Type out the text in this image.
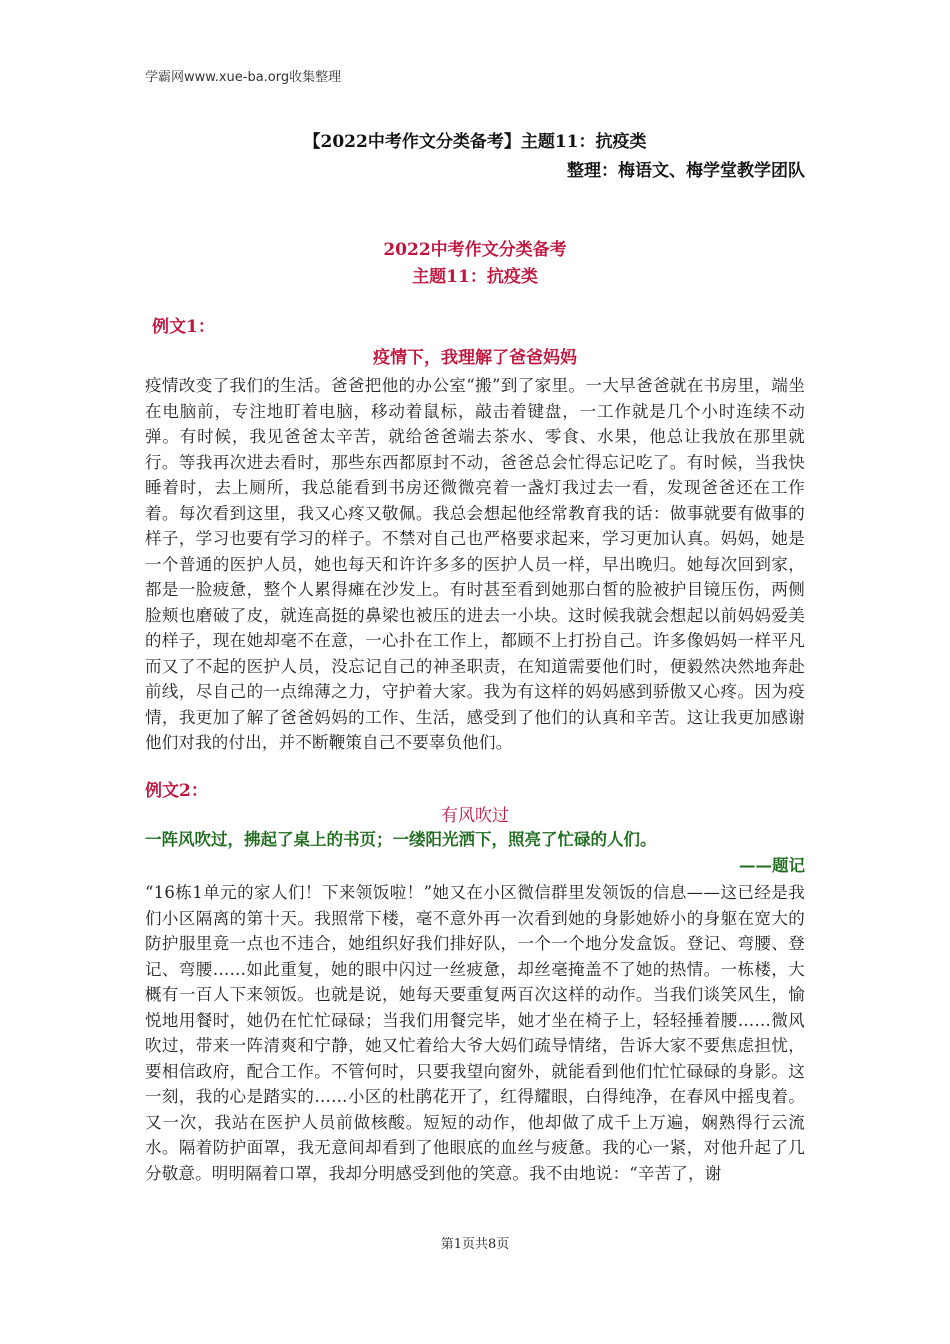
学霸网www.xue-ba.org收集整理
【2022中考作文分类备考】主题11：抗疫类
整理：梅语文、梅学堂教学团队
2022中考作文分类备考
主题11：抗疫类
例文1：
疫情下，我理解了爸爸妈妈
疫情改变了我们的生活。爸爸把他的办公室“搬”到了家里。一大早爸爸就在书房里，端坐在电脑前，专注地盯着电脑，移动着鼠标，敲击着键盘，一工作就是几个小时连续不动弹。有时候，我见爸爸太辛苦，就给爸爸端去茶水、零食、水果，他总让我放在那里就行。等我再次进去看时，那些东西都原封不动，爸爸总会忙得忘记吃了。有时候，当我快睡着时，去上厕所，我总能看到书房还微微亮着一盏灯我过去一看，发现爸爸还在工作着。每次看到这里，我又心疼又敬佩。我总会想起他经常教育我的话：做事就要有做事的样子，学习也要有学习的样子。不禁对自己也严格要求起来，学习更加认真。妈妈，她是一个普通的医护人员，她也每天和许许多多的医护人员一样，早出晚归。她每次回到家，都是一脸疲惫，整个人累得瘫在沙发上。有时甚至看到她那白皙的脸被护目镜压伤，两侧脸颊也磨破了皮，就连高挺的鼻梁也被压的进去一小块。这时候我就会想起以前妈妈爱美的样子，现在她却毫不在意，一心扑在工作上，都顾不上打扮自己。许多像妈妈一样平凡而又了不起的医护人员，没忘记自己的神圣职责，在知道需要他们时，便毅然决然地奔赴前线，尽自己的一点绵薄之力，守护着大家。我为有这样的妈妈感到骄傲又心疼。因为疫情，我更加了解了爸爸妈妈的工作、生活，感受到了他们的认真和辛苦。这让我更加感谢他们对我的付出，并不断鞭策自己不要辜负他们。
例文2：
有风吹过
一阵风吹过，拂起了桌上的书页；一缕阳光洒下，照亮了忙碌的人们。
——题记
“16栋1单元的家人们！下来领饭啦！”她又在小区微信群里发领饭的信息——这已经是我们小区隔离的第十天。我照常下楼，毫不意外再一次看到她的身影她娇小的身躯在宽大的防护服里竟一点也不违合，她组织好我们排好队，一个一个地分发盒饭。登记、弯腰、登记、弯腰……如此重复，她的眼中闪过一丝疲惫，却丝毫掩盖不了她的热情。一栋楼，大概有一百人下来领饭。也就是说，她每天要重复两百次这样的动作。当我们谈笑风生，愉悦地用餐时，她仍在忙忙碌碌；当我们用餐完毕，她才坐在椅子上，轻轻捶着腰……微风吹过，带来一阵清爽和宁静，她又忙着给大爷大妈们疏导情绪，告诉大家不要焦虑担忧，要相信政府，配合工作。不管何时，只要我望向窗外，就能看到他们忙忙碌碌的身影。这一刻，我的心是踏实的……小区的杜鹃花开了，红得耀眼，白得纯净，在春风中摇曳着。又一次，我站在医护人员前做核酸。短短的动作，他却做了成千上万遍，娴熟得行云流水。隔着防护面罩，我无意间却看到了他眼底的血丝与疲惫。我的心一紧，对他升起了几分敬意。明明隔着口罩，我却分明感受到他的笑意。我不由地说：“辛苦了，谢
第1页共8页
